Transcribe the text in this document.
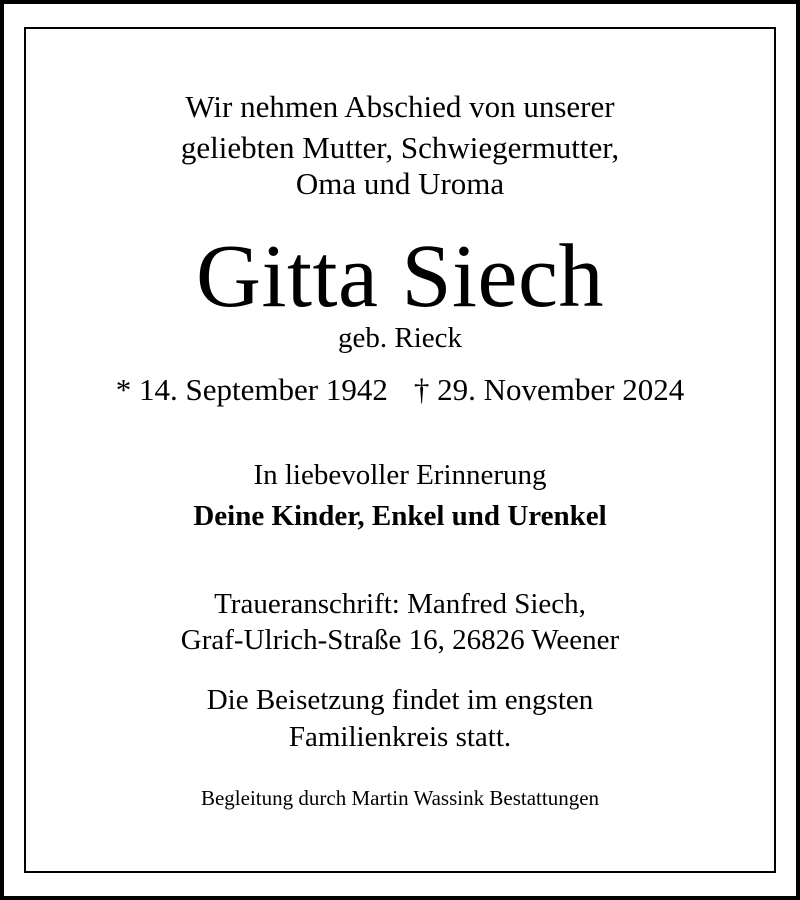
Wir nehmen Abschied von unserer
geliebten Mutter, Schwiegermutter,
Oma und Uroma
Gitta Siech
geb. Rieck
* 14. September 1942 † 29. November 2024
In liebevoller Erinnerung
Deine Kinder, Enkel und Urenkel
Traueranschrift: Manfred Siech,
Graf-Ulrich-Straße 16, 26826 Weener
Die Beisetzung findet im engsten
Familienkreis statt.
Begleitung durch Martin Wassink Bestattungen
